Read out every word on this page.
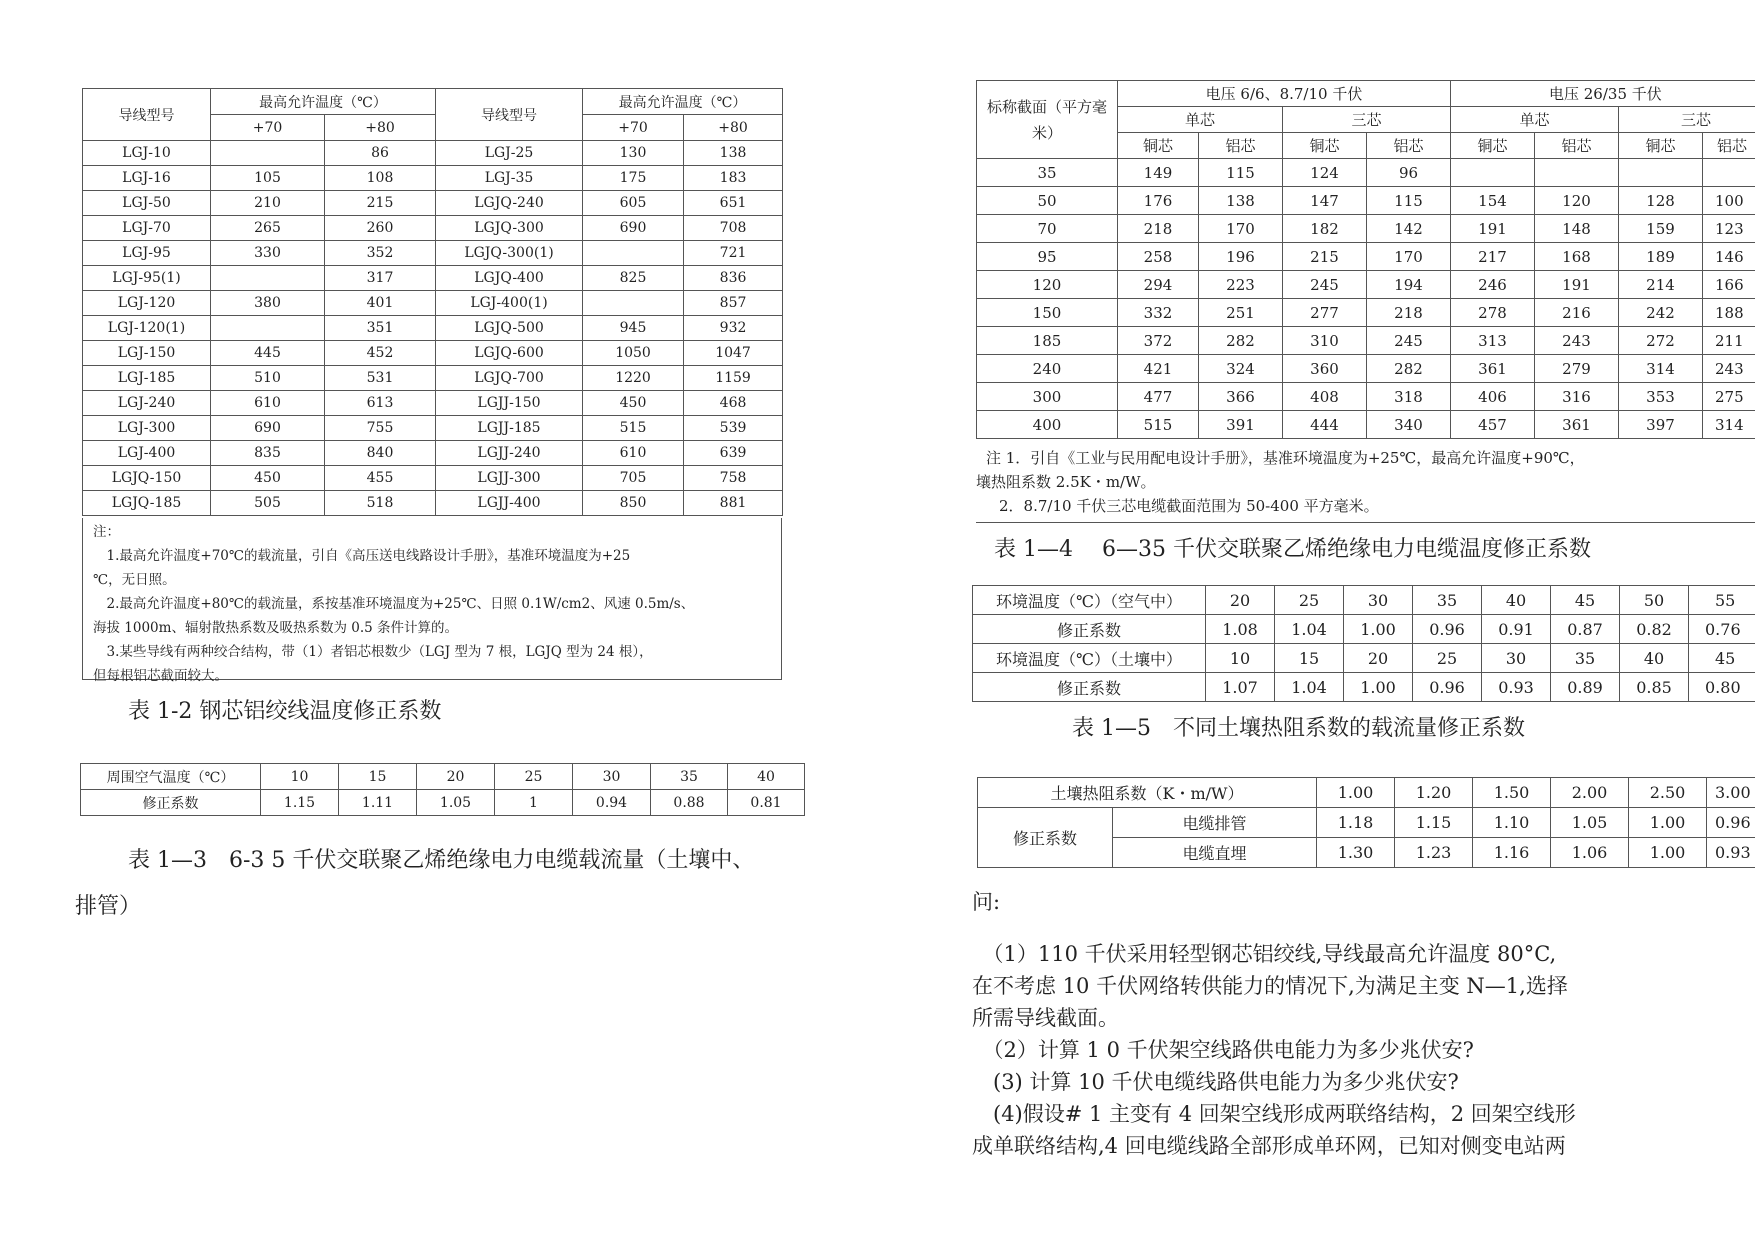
导线型号	最高允许温度（℃）		导线型号	最高允许温度（℃）	
	+70	+80		+70	+80
LGJ-10		86	LGJ-25	130	138
LGJ-16	105	108	LGJ-35	175	183
LGJ-50	210	215	LGJQ-240	605	651
LGJ-70	265	260	LGJQ-300	690	708
LGJ-95	330	352	LGJQ-300(1)		721
LGJ-95(1)		317	LGJQ-400	825	836
LGJ-120	380	401	LGJ-400(1)		857
LGJ-120(1)		351	LGJQ-500	945	932
LGJ-150	445	452	LGJQ-600	1050	1047
LGJ-185	510	531	LGJQ-700	1220	1159
LGJ-240	610	613	LGJJ-150	450	468
LGJ-300	690	755	LGJJ-185	515	539
LGJ-400	835	840	LGJJ-240	610	639
LGJQ-150	450	455	LGJJ-300	705	758
LGJQ-185	505	518	LGJJ-400	850	881
注：
　1.最高允许温度+70℃的载流量，引自《高压送电线路设计手册》，基准环境温度为+25
℃，无日照。
　2.最高允许温度+80℃的载流量，系按基准环境温度为+25℃、日照 0.1W/cm2、风速 0.5m/s、
海拔 1000m、辐射散热系数及吸热系数为 0.5 条件计算的。
　3.某些导线有两种绞合结构，带（1）者铝芯根数少（LGJ 型为 7 根，LGJQ 型为 24 根），
但每根铝芯截面较大。
表 1-2 钢芯铝绞线温度修正系数
周围空气温度（℃）	10	15	20	25	30	35	40
修正系数	1.15	1.11	1.05	1	0.94	0.88	0.81
表 1—3　6-3 5 千伏交联聚乙烯绝缘电力电缆载流量（土壤中、
排管）
标称截面（平方毫米）	电压 6/6、8.7/10 千伏				电压 26/35 千伏			
	单芯		三芯		单芯		三芯	
	铜芯	铝芯	铜芯	铝芯	铜芯	铝芯	铜芯	铝芯
35	149	115	124	96				
50	176	138	147	115	154	120	128	100
70	218	170	182	142	191	148	159	123
95	258	196	215	170	217	168	189	146
120	294	223	245	194	246	191	214	166
150	332	251	277	218	278	216	242	188
185	372	282	310	245	313	243	272	211
240	421	324	360	282	361	279	314	243
300	477	366	408	318	406	316	353	275
400	515	391	444	340	457	361	397	314
注 1．引自《工业与民用配电设计手册》，基准环境温度为+25℃，最高允许温度+90℃，
壤热阻系数 2.5K・m/W。
　2．8.7/10 千伏三芯电缆截面范围为 50-400 平方毫米。
表 1—4　 6—35 千伏交联聚乙烯绝缘电力电缆温度修正系数
环境温度（℃）（空气中）	20	25	30	35	40	45	50	55
修正系数	1.08	1.04	1.00	0.96	0.91	0.87	0.82	0.76
环境温度（℃）（土壤中）	10	15	20	25	30	35	40	45
修正系数	1.07	1.04	1.00	0.96	0.93	0.89	0.85	0.80
表 1—5　不同土壤热阻系数的载流量修正系数
土壤热阻系数（K・m/W）		1.00	1.20	1.50	2.00	2.50	3.00
修正系数	电缆排管	1.18	1.15	1.10	1.05	1.00	0.96
	电缆直埋	1.30	1.23	1.16	1.06	1.00	0.93
问:
　（1）110 千伏采用轻型钢芯铝绞线,导线最高允许温度 80°C,
在不考虑 10 千伏网络转供能力的情况下,为满足主变 N—1,选择
所需导线截面。
　（2）计算 1 0 千伏架空线路供电能力为多少兆伏安?
　(3) 计算 10 千伏电缆线路供电能力为多少兆伏安?
　(4)假设# 1 主变有 4 回架空线形成两联络结构，2 回架空线形
成单联络结构,4 回电缆线路全部形成单环网，已知对侧变电站两
